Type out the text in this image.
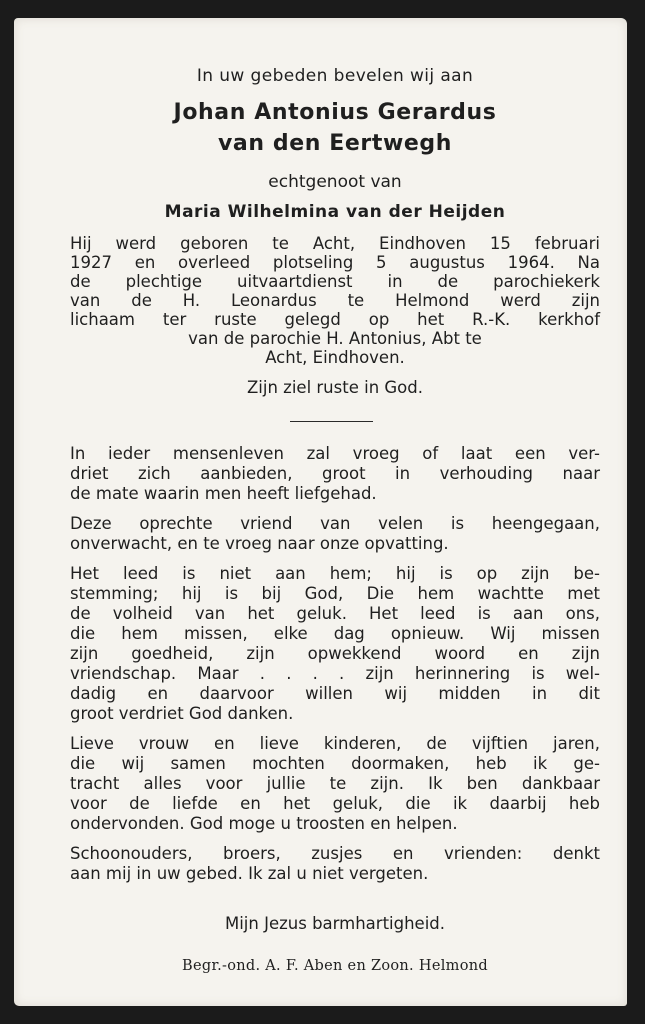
In uw gebeden bevelen wij aan
Johan Antonius Gerardus
van den Eertwegh
echtgenoot van
Maria Wilhelmina van der Heijden
Hij werd geboren te Acht, Eindhoven 15 februari
1927 en overleed plotseling 5 augustus 1964. Na
de plechtige uitvaartdienst in de parochiekerk
van de H. Leonardus te Helmond werd zijn
lichaam ter ruste gelegd op het R.-K. kerkhof
van de parochie H. Antonius, Abt te
Acht, Eindhoven.
Zijn ziel ruste in God.
In ieder mensenleven zal vroeg of laat een ver-
driet zich aanbieden, groot in verhouding naar
de mate waarin men heeft liefgehad.
Deze oprechte vriend van velen is heengegaan,
onverwacht, en te vroeg naar onze opvatting.
Het leed is niet aan hem; hij is op zijn be-
stemming; hij is bij God, Die hem wachtte met
de volheid van het geluk. Het leed is aan ons,
die hem missen, elke dag opnieuw. Wij missen
zijn goedheid, zijn opwekkend woord en zijn
vriendschap. Maar . . . . zijn herinnering is wel-
dadig en daarvoor willen wij midden in dit
groot verdriet God danken.
Lieve vrouw en lieve kinderen, de vijftien jaren,
die wij samen mochten doormaken, heb ik ge-
tracht alles voor jullie te zijn. Ik ben dankbaar
voor de liefde en het geluk, die ik daarbij heb
ondervonden. God moge u troosten en helpen.
Schoonouders, broers, zusjes en vrienden: denkt
aan mij in uw gebed. Ik zal u niet vergeten.
Mijn Jezus barmhartigheid.
Begr.-ond. A. F. Aben en Zoon. Helmond
